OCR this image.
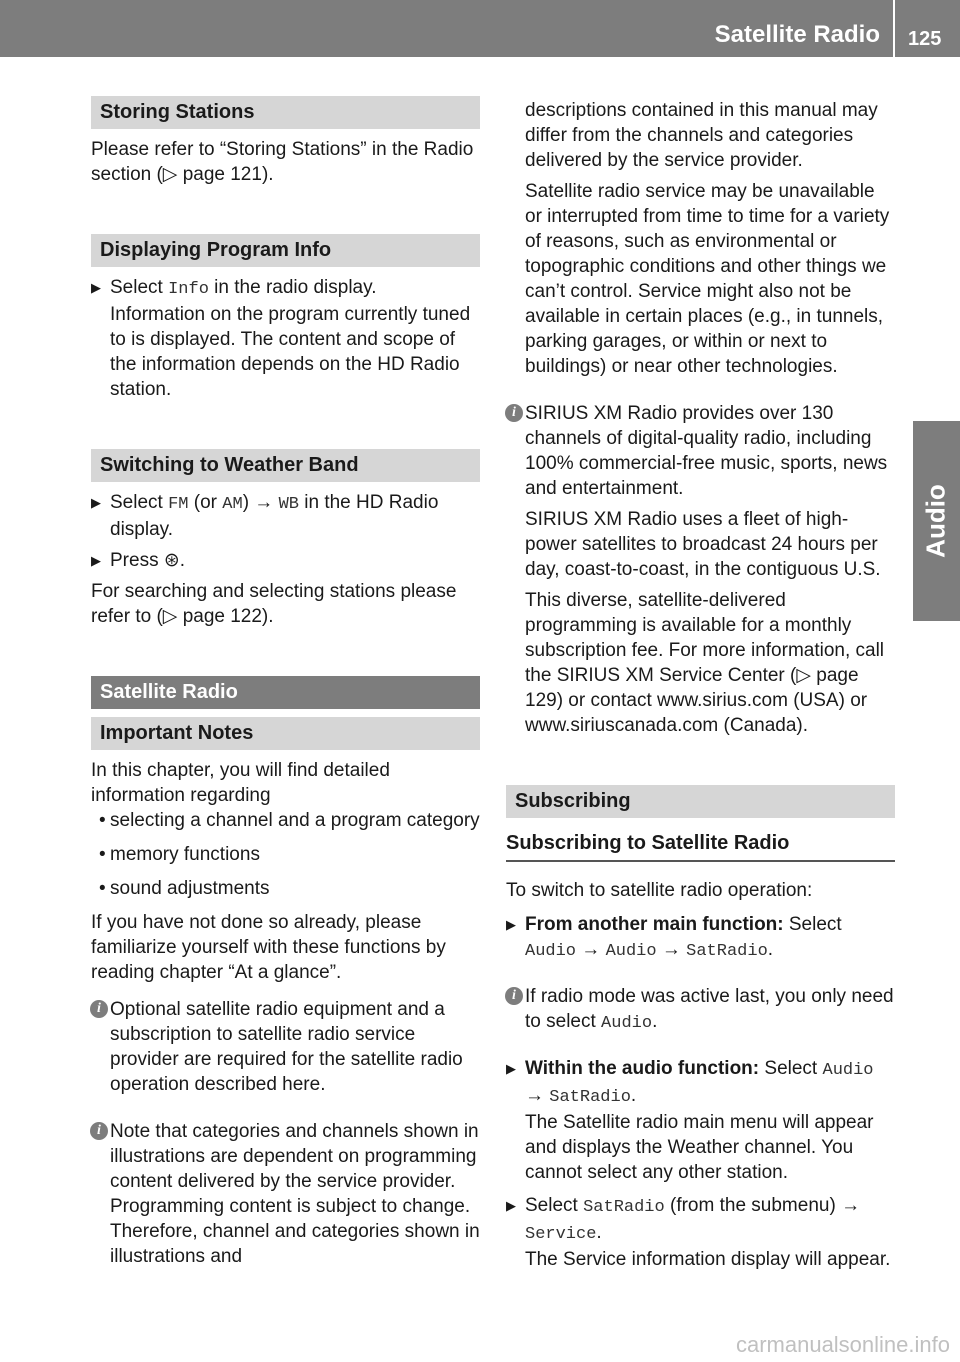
Satellite Radio 125
Audio
Storing Stations

Please refer to “Storing Stations” in the Radio section (▷ page 121).

Displaying Program Info
▶ Select Info in the radio display.

Information on the program currently tuned to is displayed. The content and scope of the information depends on the HD Radio station.

Switching to Weather Band
▶ Select FM (or AM) → WB in the HD Radio display.
▶ Press ⊛.

For searching and selecting stations please refer to (▷ page 122).

Satellite Radio
Important Notes

In this chapter, you will find detailed information regarding

• selecting a channel and a program category
• memory functions
• sound adjustments

If you have not done so already, please familiarize yourself with these functions by reading chapter “At a glance”.

i Optional satellite radio equipment and a subscription to satellite radio service provider are required for the satellite radio operation described here.

i Note that categories and channels shown in illustrations are dependent on programming content delivered by the service provider. Programming content is subject to change. Therefore, channel and categories shown in illustrations and

descriptions contained in this manual may differ from the channels and categories delivered by the service provider.

Satellite radio service may be unavailable or interrupted from time to time for a variety of reasons, such as environmental or topographic conditions and other things we can’t control. Service might also not be available in certain places (e.g., in tunnels, parking garages, or within or next to buildings) or near other technologies.

i SIRIUS XM Radio provides over 130 channels of digital-quality radio, including 100% commercial-free music, sports, news and entertainment.

SIRIUS XM Radio uses a fleet of high-power satellites to broadcast 24 hours per day, coast-to-coast, in the contiguous U.S.

This diverse, satellite-delivered programming is available for a monthly subscription fee. For more information, call the SIRIUS XM Service Center (▷ page 129) or contact www.sirius.com (USA) or www.siriuscanada.com (Canada).

Subscribing
Subscribing to Satellite Radio

To switch to satellite radio operation:

▶ From another main function: Select Audio → Audio → SatRadio.
i If radio mode was active last, you only need to select Audio.
▶ Within the audio function: Select Audio → SatRadio.

The Satellite radio main menu will appear and displays the Weather channel. You cannot select any other station.

▶ Select SatRadio (from the submenu) → Service.

The Service information display will appear.

carmanualsonline.info
